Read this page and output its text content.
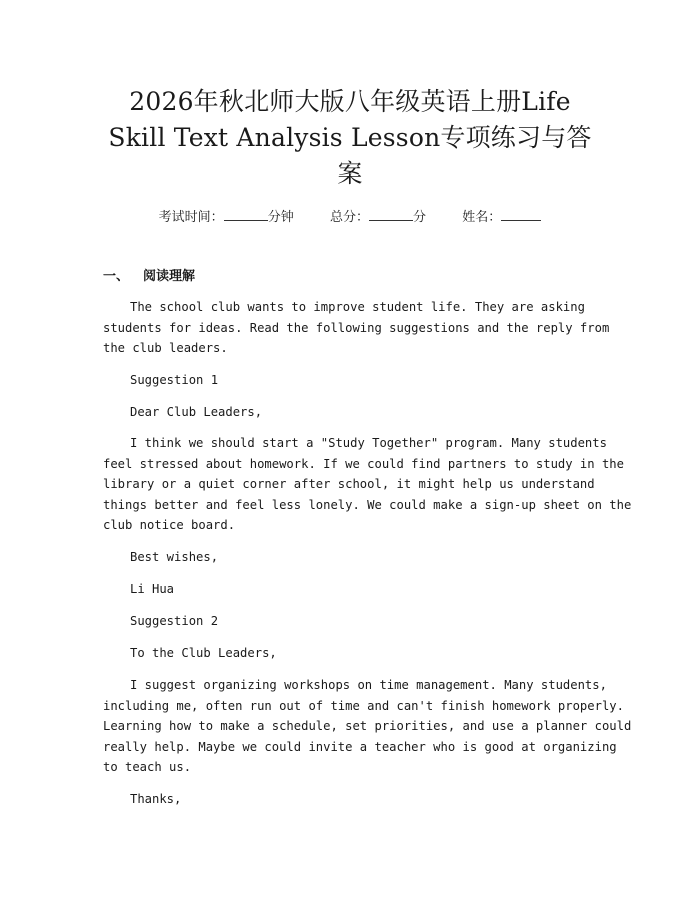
2026年秋北师大版八年级英语上册Life
Skill Text Analysis Lesson专项练习与答
案
考试时间：	分钟	总分：	分	姓名：
一、 阅读理解

The school club wants to improve student life. They are asking
students for ideas. Read the following suggestions and the reply from
the club leaders.

Suggestion 1

Dear Club Leaders,

I think we should start a "Study Together" program. Many students
feel stressed about homework. If we could find partners to study in the
library or a quiet corner after school, it might help us understand
things better and feel less lonely. We could make a sign-up sheet on the
club notice board.

Best wishes,

Li Hua

Suggestion 2

To the Club Leaders,

I suggest organizing workshops on time management. Many students,
including me, often run out of time and can't finish homework properly.
Learning how to make a schedule, set priorities, and use a planner could
really help. Maybe we could invite a teacher who is good at organizing
to teach us.

Thanks,
